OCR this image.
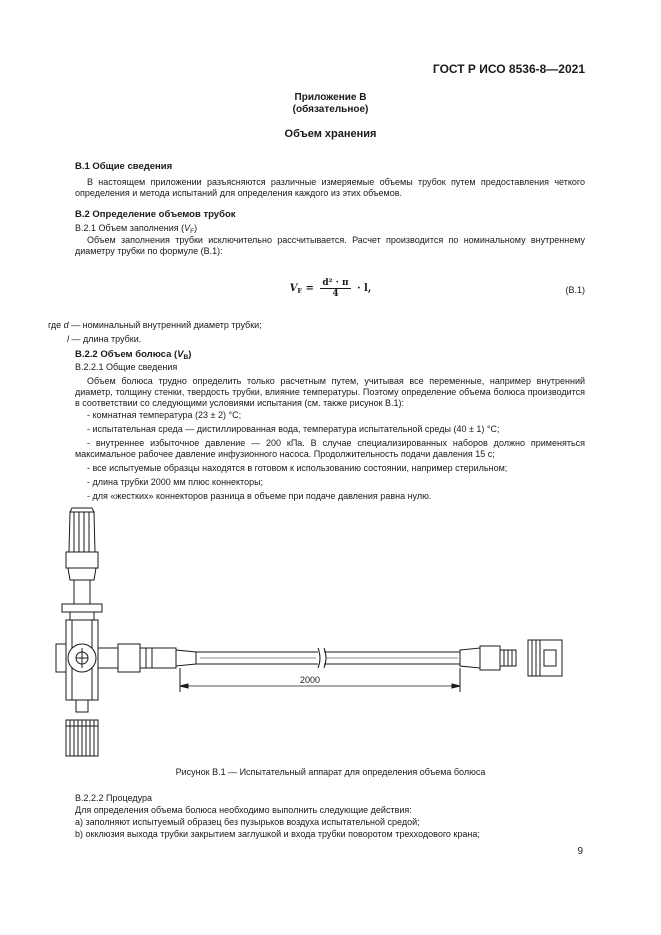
ГОСТ Р ИСО 8536-8—2021
Приложение В
(обязательное)
Объем хранения
В.1 Общие сведения
В настоящем приложении разъясняются различные измеряемые объемы трубок путем предоставления четкого определения и метода испытаний для определения каждого из этих объемов.
В.2 Определение объемов трубок
В.2.1 Объем заполнения $(V_F)$
Объем заполнения трубки исключительно рассчитывается. Расчет производится по номинальному внутреннему диаметру трубки по формуле (В.1):
$V_F = \frac{\text{d² · π}}{4} \cdot l$,	(В.1)
где d — номинальный внутренний диаметр трубки;
l — длина трубки.
В.2.2 Объем болюса $(V_B)$
В.2.2.1 Общие сведения
Объем болюса трудно определить только расчетным путем, учитывая все переменные, например внутренний диаметр, толщину стенки, твердость трубки, влияние температуры. Поэтому определение объема болюса производится в соответствии со следующими условиями испытания (см. также рисунок В.1):
- комнатная температура (23 ± 2) °С;
- испытательная среда — дистиллированная вода, температура испытательной среды (40 ± 1) °С;
- внутреннее избыточное давление — 200 кПа. В случае специализированных наборов должно применяться максимальное рабочее давление инфузионного насоса. Продолжительность подачи давления 15 с;
- все испытуемые образцы находятся в готовом к использованию состоянии, например стерильном;
- длина трубки 2000 мм плюс коннекторы;
- для «жестких» коннекторов разница в объеме при подаче давления равна нулю.
2000
Рисунок В.1 — Испытательный аппарат для определения объема болюса
В.2.2.2 Процедура
Для определения объема болюса необходимо выполнить следующие действия:
а) заполняют испытуемый образец без пузырьков воздуха испытательной средой;
b) окклюзия выхода трубки закрытием заглушкой и входа трубки поворотом трехходового крана;
9
